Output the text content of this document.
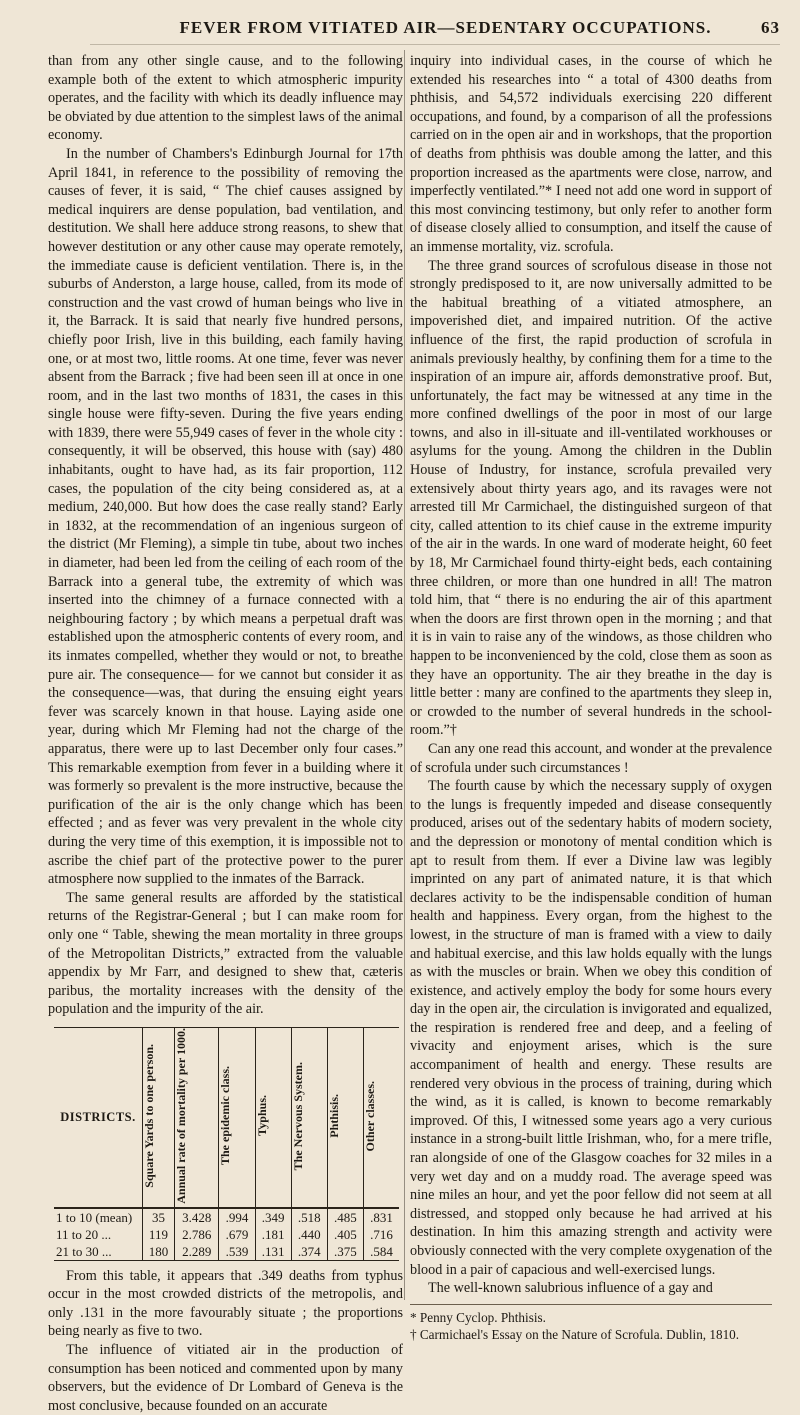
FEVER FROM VITIATED AIR—SEDENTARY OCCUPATIONS.	63

than from any other single cause, and to the following example both of the extent to which atmospheric impurity operates, and the facility with which its deadly influence may be obviated by due attention to the simplest laws of the animal economy.

In the number of Chambers's Edinburgh Journal for 17th April 1841, in reference to the possibility of removing the causes of fever, it is said, “ The chief causes assigned by medical inquirers are dense population, bad ventilation, and destitution. We shall here adduce strong reasons, to shew that however destitution or any other cause may operate remotely, the immediate cause is deficient ventilation. There is, in the suburbs of Anderston, a large house, called, from its mode of construction and the vast crowd of human beings who live in it, the Barrack. It is said that nearly five hundred persons, chiefly poor Irish, live in this building, each family having one, or at most two, little rooms. At one time, fever was never absent from the Barrack ; five had been seen ill at once in one room, and in the last two months of 1831, the cases in this single house were fifty-seven. During the five years ending with 1839, there were 55,949 cases of fever in the whole city : consequently, it will be observed, this house with (say) 480 inhabitants, ought to have had, as its fair proportion, 112 cases, the population of the city being considered as, at a medium, 240,000. But how does the case really stand? Early in 1832, at the recommendation of an ingenious surgeon of the district (Mr Fleming), a simple tin tube, about two inches in diameter, had been led from the ceiling of each room of the Barrack into a general tube, the extremity of which was inserted into the chimney of a furnace connected with a neighbouring factory ; by which means a perpetual draft was established upon the atmospheric contents of every room, and its inmates compelled, whether they would or not, to breathe pure air. The consequence— for we cannot but consider it as the consequence—was, that during the ensuing eight years fever was scarcely known in that house. Laying aside one year, during which Mr Fleming had not the charge of the apparatus, there were up to last December only four cases.” This remarkable exemption from fever in a building where it was formerly so prevalent is the more instructive, because the purification of the air is the only change which has been effected ; and as fever was very prevalent in the whole city during the very time of this exemption, it is impossible not to ascribe the chief part of the protective power to the purer atmosphere now supplied to the inmates of the Barrack.

The same general results are afforded by the statistical returns of the Registrar-General ; but I can make room for only one “ Table, shewing the mean mortality in three groups of the Metropolitan Districts,” extracted from the valuable appendix by Mr Farr, and designed to shew that, cæteris paribus, the mortality increases with the density of the population and the impurity of the air.

DISTRICTS.	Square Yards to one person.	Annual rate of mortality per 1000.	The epidemic class.	Typhus.	The Nervous System.	Phthisis.	Other classes.
1 to 10 (mean)	35	3.428	.994	.349	.518	.485	.831
11 to 20 ...	119	2.786	.679	.181	.440	.405	.716
21 to 30 ...	180	2.289	.539	.131	.374	.375	.584

From this table, it appears that .349 deaths from typhus occur in the most crowded districts of the metropolis, and only .131 in the more favourably situate ; the proportions being nearly as five to two.

The influence of vitiated air in the production of consumption has been noticed and commented upon by many observers, but the evidence of Dr Lombard of Geneva is the most conclusive, because founded on an accurate

inquiry into individual cases, in the course of which he extended his researches into “ a total of 4300 deaths from phthisis, and 54,572 individuals exercising 220 different occupations, and found, by a comparison of all the professions carried on in the open air and in workshops, that the proportion of deaths from phthisis was double among the latter, and this proportion increased as the apartments were close, narrow, and imperfectly ventilated.”* I need not add one word in support of this most convincing testimony, but only refer to another form of disease closely allied to consumption, and itself the cause of an immense mortality, viz. scrofula.

The three grand sources of scrofulous disease in those not strongly predisposed to it, are now universally admitted to be the habitual breathing of a vitiated atmosphere, an impoverished diet, and impaired nutrition. Of the active influence of the first, the rapid production of scrofula in animals previously healthy, by confining them for a time to the inspiration of an impure air, affords demonstrative proof. But, unfortunately, the fact may be witnessed at any time in the more confined dwellings of the poor in most of our large towns, and also in ill-situate and ill-ventilated workhouses or asylums for the young. Among the children in the Dublin House of Industry, for instance, scrofula prevailed very extensively about thirty years ago, and its ravages were not arrested till Mr Carmichael, the distinguished surgeon of that city, called attention to its chief cause in the extreme impurity of the air in the wards. In one ward of moderate height, 60 feet by 18, Mr Carmichael found thirty-eight beds, each containing three children, or more than one hundred in all! The matron told him, that “ there is no enduring the air of this apartment when the doors are first thrown open in the morning ; and that it is in vain to raise any of the windows, as those children who happen to be inconvenienced by the cold, close them as soon as they have an opportunity. The air they breathe in the day is little better : many are confined to the apartments they sleep in, or crowded to the number of several hundreds in the school-room.”†

Can any one read this account, and wonder at the prevalence of scrofula under such circumstances !

The fourth cause by which the necessary supply of oxygen to the lungs is frequently impeded and disease consequently produced, arises out of the sedentary habits of modern society, and the depression or monotony of mental condition which is apt to result from them. If ever a Divine law was legibly imprinted on any part of animated nature, it is that which declares activity to be the indispensable condition of human health and happiness. Every organ, from the highest to the lowest, in the structure of man is framed with a view to daily and habitual exercise, and this law holds equally with the lungs as with the muscles or brain. When we obey this condition of existence, and actively employ the body for some hours every day in the open air, the circulation is invigorated and equalized, the respiration is rendered free and deep, and a feeling of vivacity and enjoyment arises, which is the sure accompaniment of health and energy. These results are rendered very obvious in the process of training, during which the wind, as it is called, is known to become remarkably improved. Of this, I witnessed some years ago a very curious instance in a strong-built little Irishman, who, for a mere trifle, ran alongside of one of the Glasgow coaches for 32 miles in a very wet day and on a muddy road. The average speed was nine miles an hour, and yet the poor fellow did not seem at all distressed, and stopped only because he had arrived at his destination. In him this amazing strength and activity were obviously connected with the very complete oxygenation of the blood in a pair of capacious and well-exercised lungs.

The well-known salubrious influence of a gay and

* Penny Cyclop. Phthisis.
† Carmichael's Essay on the Nature of Scrofula. Dublin, 1810.
